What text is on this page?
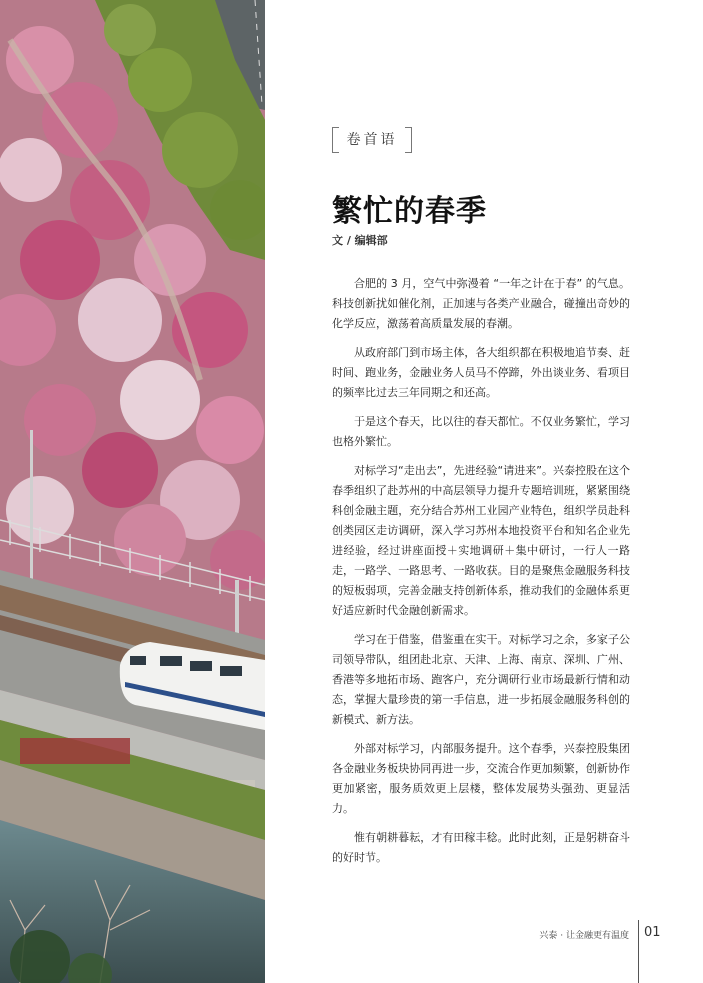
卷首语
繁忙的春季
文 / 编辑部

合肥的 3 月，空气中弥漫着 “一年之计在于春” 的气息。科技创新扰如催化剂，正加速与各类产业融合，碰撞出奇妙的化学反应，激荡着高质量发展的春潮。

从政府部门到市场主体，各大组织都在积极地追节奏、赶时间、跑业务，金融业务人员马不停蹄，外出谈业务、看项目的频率比过去三年同期之和还高。

于是这个春天，比以往的春天都忙。不仅业务繁忙，学习也格外繁忙。

对标学习“走出去”，先进经验“请进来”。兴泰控股在这个春季组织了赴苏州的中高层领导力提升专题培训班，紧紧围绕科创金融主题，充分结合苏州工业园产业特色，组织学员赴科创类园区走访调研，深入学习苏州本地投资平台和知名企业先进经验，经过讲座面授＋实地调研＋集中研讨，一行人一路走，一路学、一路思考、一路收获。目的是聚焦金融服务科技的短板弱项，完善金融支持创新体系，推动我们的金融体系更好适应新时代金融创新需求。

学习在于借鉴，借鉴重在实干。对标学习之余，多家子公司领导带队，组团赴北京、天津、上海、南京、深圳、广州、香港等多地拓市场、跑客户，充分调研行业市场最新行情和动态，掌握大量珍贵的第一手信息，进一步拓展金融服务科创的新模式、新方法。

外部对标学习，内部服务提升。这个春季，兴泰控股集团各金融业务板块协同再进一步，交流合作更加频繁，创新协作更加紧密，服务质效更上层楼，整体发展势头强劲、更显活力。

惟有朝耕暮耘，才有田稼丰稔。此时此刻，正是躬耕奋斗的好时节。

兴泰 · 让金融更有温度 01
